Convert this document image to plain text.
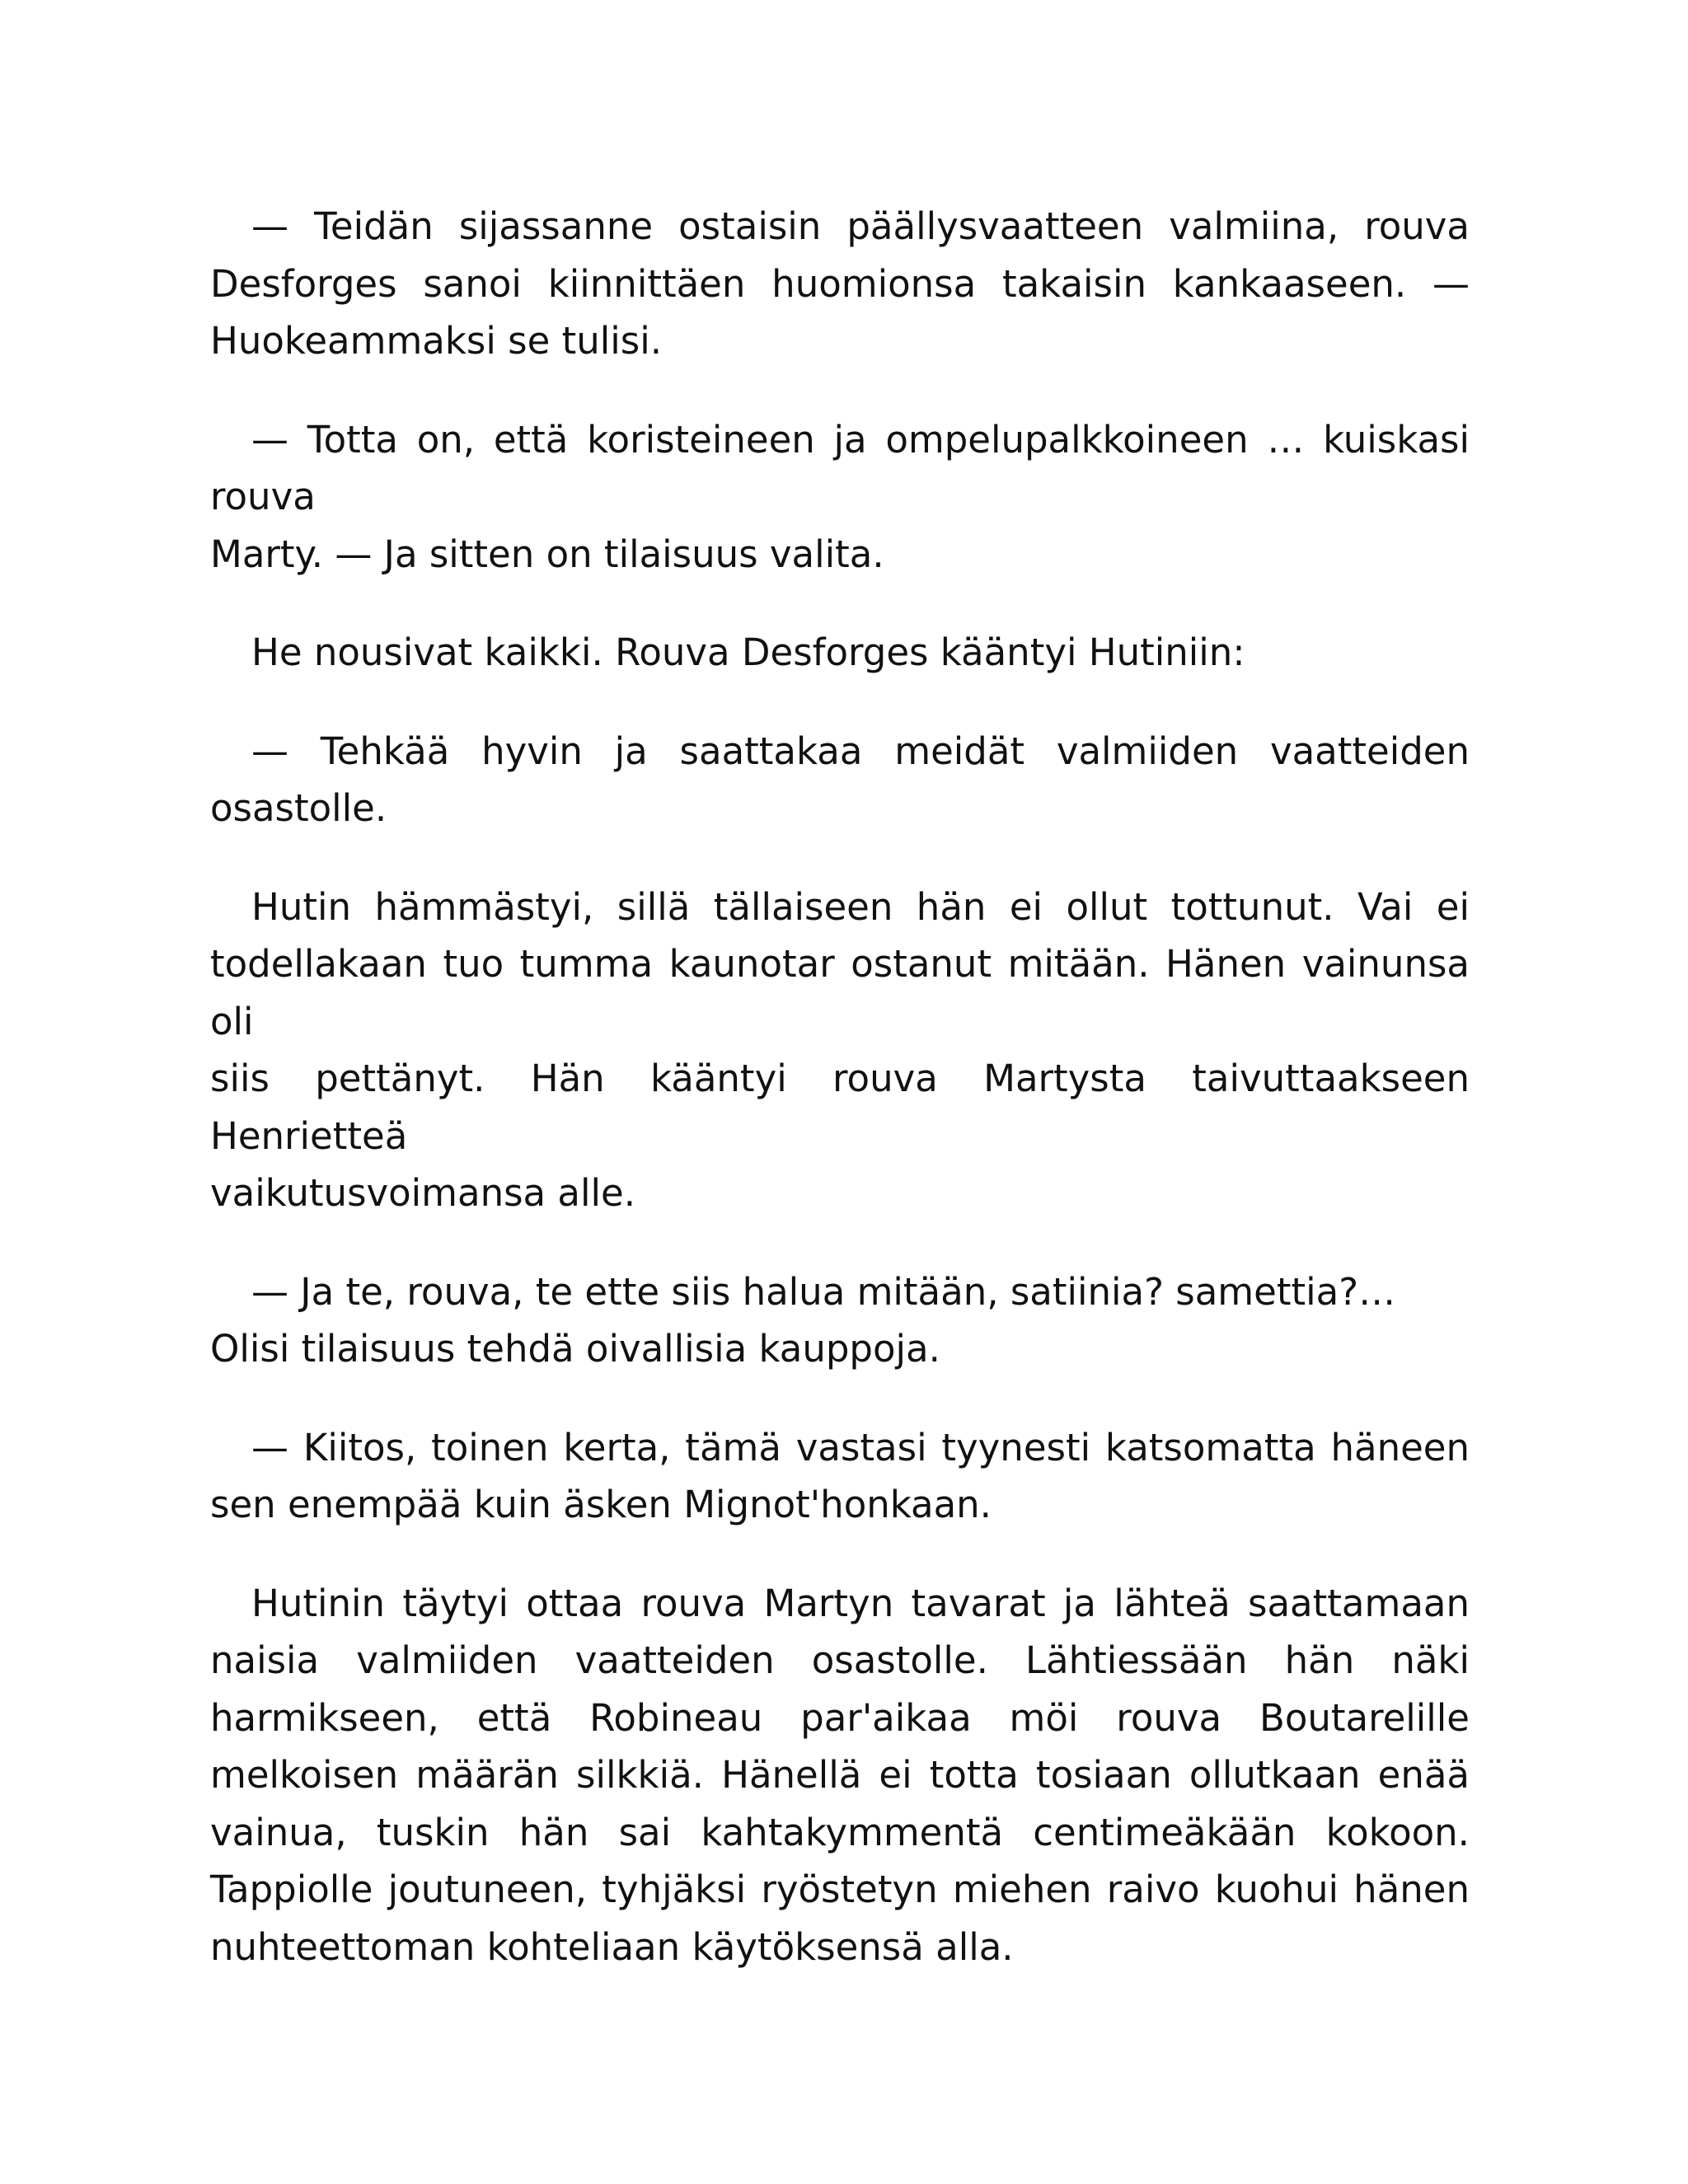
— Teidän sijassanne ostaisin päällysvaatteen valmiina, rouva
Desforges sanoi kiinnittäen huomionsa takaisin kankaaseen. —
Huokeammaksi se tulisi.
— Totta on, että koristeineen ja ompelupalkkoineen … kuiskasi
rouva
Marty. — Ja sitten on tilaisuus valita.
He nousivat kaikki. Rouva Desforges kääntyi Hutiniin:
— Tehkää hyvin ja saattakaa meidät valmiiden vaatteiden
osastolle.
Hutin hämmästyi, sillä tällaiseen hän ei ollut tottunut. Vai ei
todellakaan tuo tumma kaunotar ostanut mitään. Hänen vainunsa oli
siis pettänyt. Hän kääntyi rouva Martysta taivuttaakseen Henrietteä
vaikutusvoimansa alle.
— Ja te, rouva, te ette siis halua mitään, satiinia? samettia?…
Olisi tilaisuus tehdä oivallisia kauppoja.
— Kiitos, toinen kerta, tämä vastasi tyynesti katsomatta häneen
sen enempää kuin äsken Mignot'honkaan.
Hutinin täytyi ottaa rouva Martyn tavarat ja lähteä saattamaan
naisia valmiiden vaatteiden osastolle. Lähtiessään hän näki
harmikseen, että Robineau par'aikaa möi rouva Boutarelille
melkoisen määrän silkkiä. Hänellä ei totta tosiaan ollutkaan enää
vainua, tuskin hän sai kahtakymmentä centimeäkään kokoon.
Tappiolle joutuneen, tyhjäksi ryöstetyn miehen raivo kuohui hänen
nuhteettoman kohteliaan käytöksensä alla.
